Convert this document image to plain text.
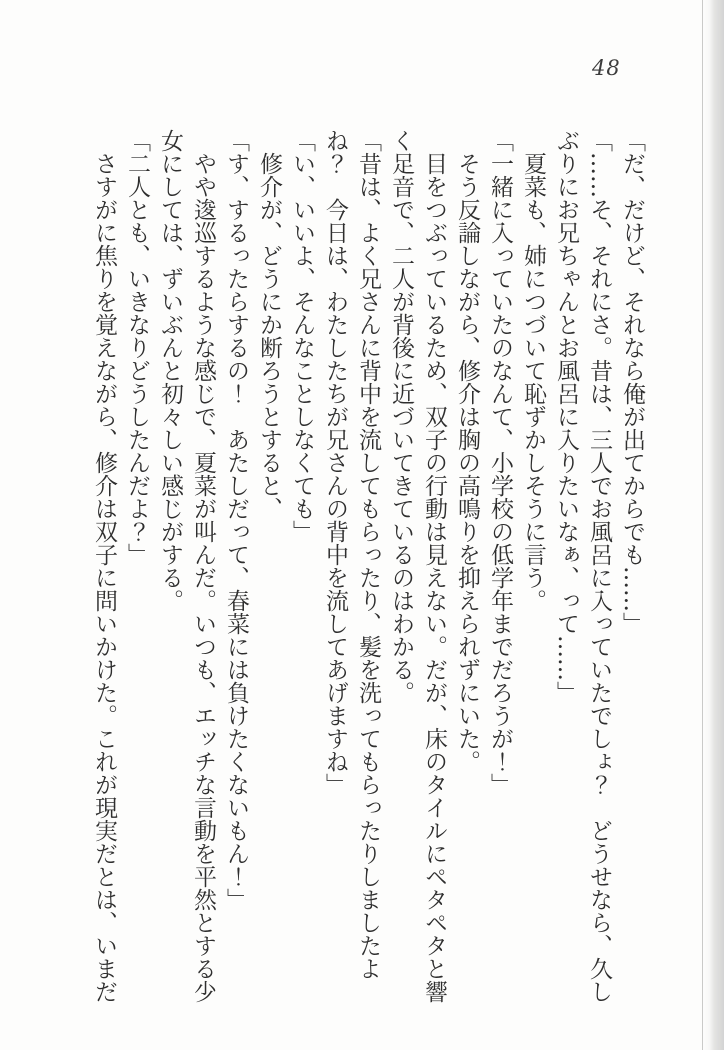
48

「だ、だけど、それなら俺が出てからでも……」

「……そ、それにさ。昔は、三人でお風呂に入っていたでしょ？　どうせなら、久しぶりにお兄ちゃんとお風呂に入りたいなぁ、って……」

夏菜も、姉につづいて恥ずかしそうに言う。

「一緒に入っていたのなんて、小学校の低学年までだろうが！」

そう反論しながら、修介は胸の高鳴りを抑えられずにいた。

目をつぶっているため、双子の行動は見えない。だが、床のタイルにペタペタと響く足音で、二人が背後に近づいてきているのはわかる。

「昔は、よく兄さんに背中を流してもらったり、髪を洗ってもらったりしましたよね？　今日は、わたしたちが兄さんの背中を流してあげますね」

「い、いいよ、そんなことしなくても」

修介が、どうにか断ろうとすると、

「す、するったらするの！　あたしだって、春菜には負けたくないもん！」

やや逡巡するような感じで、夏菜が叫んだ。いつも、エッチな言動を平然とする少女にしては、ずいぶんと初々しい感じがする。

「二人とも、いきなりどうしたんだよ？」

さすがに焦りを覚えながら、修介は双子に問いかけた。これが現実だとは、いまだ
